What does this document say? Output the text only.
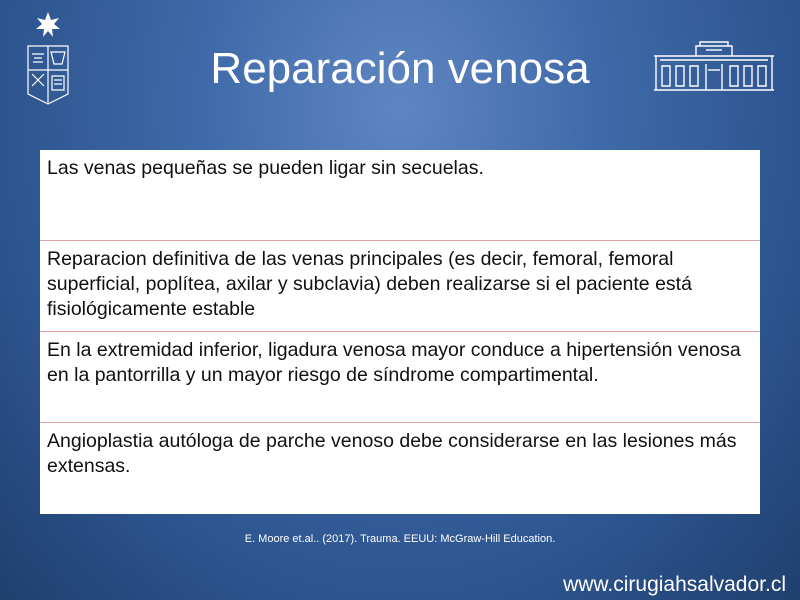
Reparación venosa
Las venas pequeñas se pueden ligar sin secuelas.
Reparacion definitiva de las venas principales (es decir, femoral, femoral superficial, poplítea, axilar y subclavia) deben realizarse si el paciente está fisiológicamente estable
En la extremidad inferior, ligadura venosa mayor conduce a hipertensión venosa en la pantorrilla y un mayor riesgo de síndrome compartimental.
Angioplastia autóloga de parche venoso debe considerarse en las lesiones más extensas.
E. Moore et.al.. (2017). Trauma. EEUU: McGraw-Hill Education.
www.cirugiahsalvador.cl
